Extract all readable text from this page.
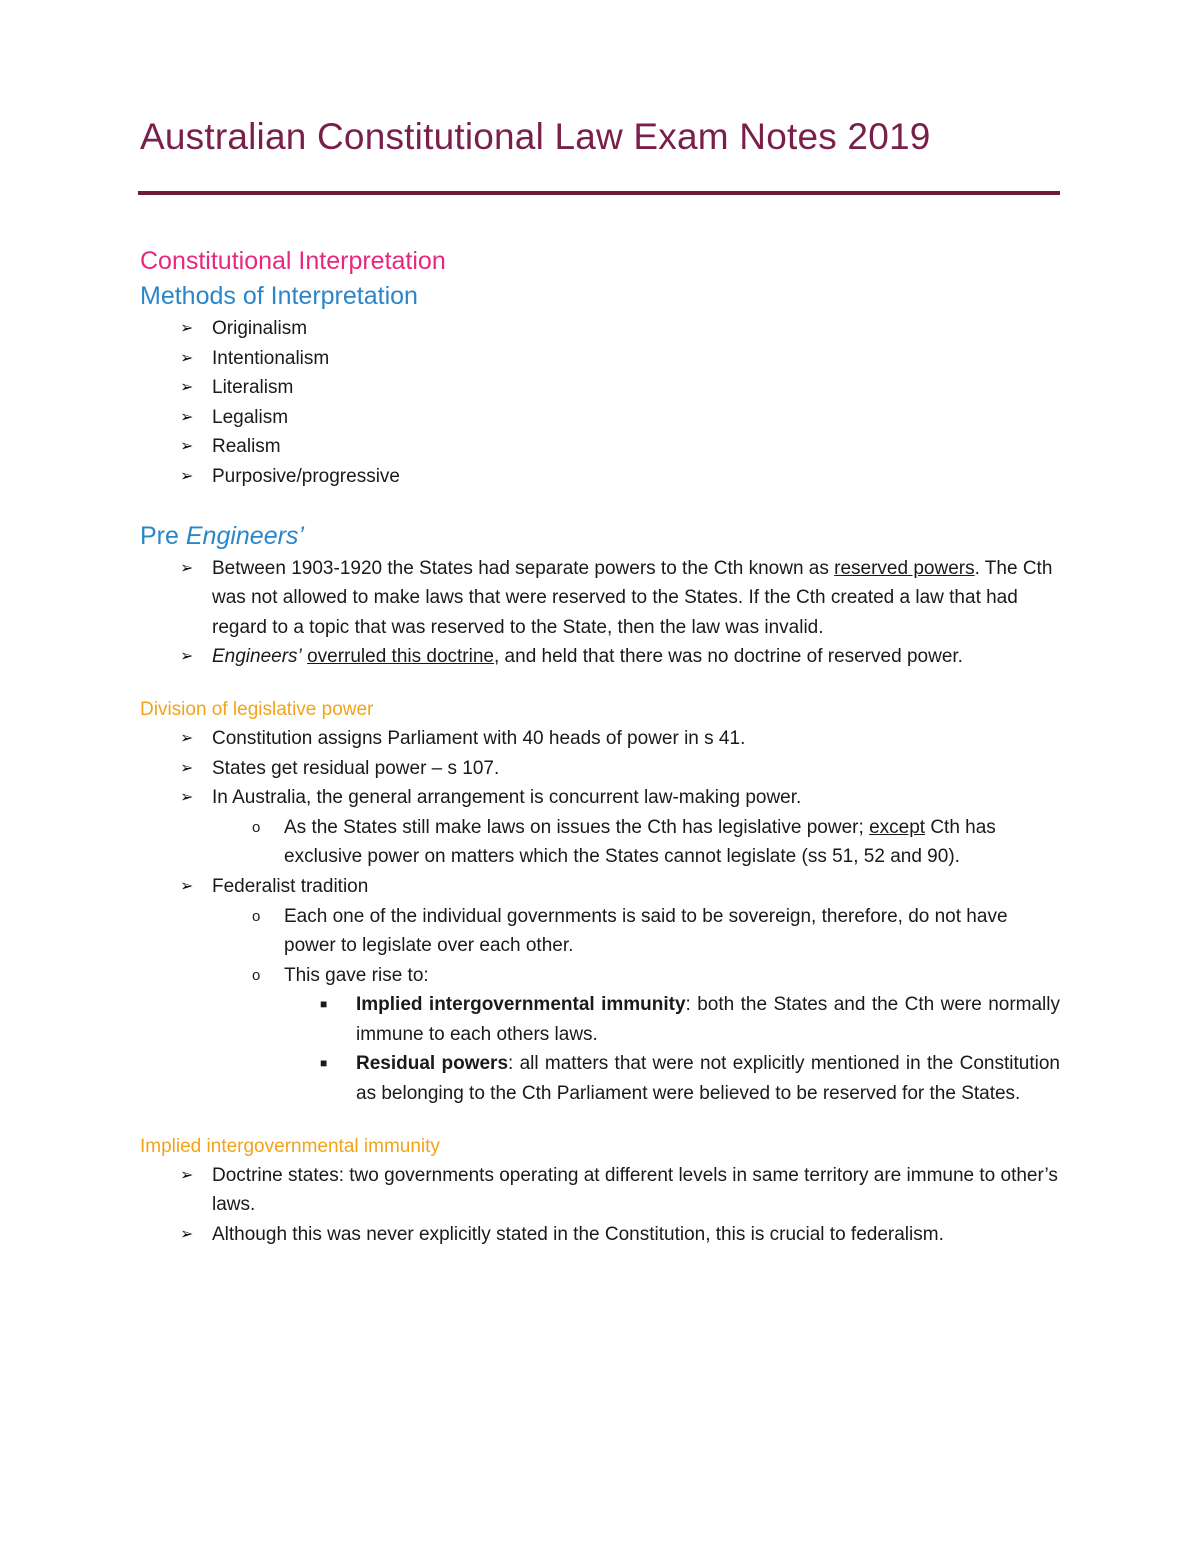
Australian Constitutional Law Exam Notes 2019
Constitutional Interpretation
Methods of Interpretation
➢ Originalism
➢ Intentionalism
➢ Literalism
➢ Legalism
➢ Realism
➢ Purposive/progressive
Pre Engineers’
➢ Between 1903-1920 the States had separate powers to the Cth known as reserved powers. The Cth was not allowed to make laws that were reserved to the States. If the Cth created a law that had regard to a topic that was reserved to the State, then the law was invalid.
➢ Engineers’ overruled this doctrine, and held that there was no doctrine of reserved power.
Division of legislative power
➢ Constitution assigns Parliament with 40 heads of power in s 41.
➢ States get residual power – s 107.
➢ In Australia, the general arrangement is concurrent law-making power.
o As the States still make laws on issues the Cth has legislative power; except Cth has exclusive power on matters which the States cannot legislate (ss 51, 52 and 90).
➢ Federalist tradition
o Each one of the individual governments is said to be sovereign, therefore, do not have power to legislate over each other.
o This gave rise to:
■ Implied intergovernmental immunity: both the States and the Cth were normally immune to each others laws.
■ Residual powers: all matters that were not explicitly mentioned in the Constitution as belonging to the Cth Parliament were believed to be reserved for the States.
Implied intergovernmental immunity
➢ Doctrine states: two governments operating at different levels in same territory are immune to other’s laws.
➢ Although this was never explicitly stated in the Constitution, this is crucial to federalism.
